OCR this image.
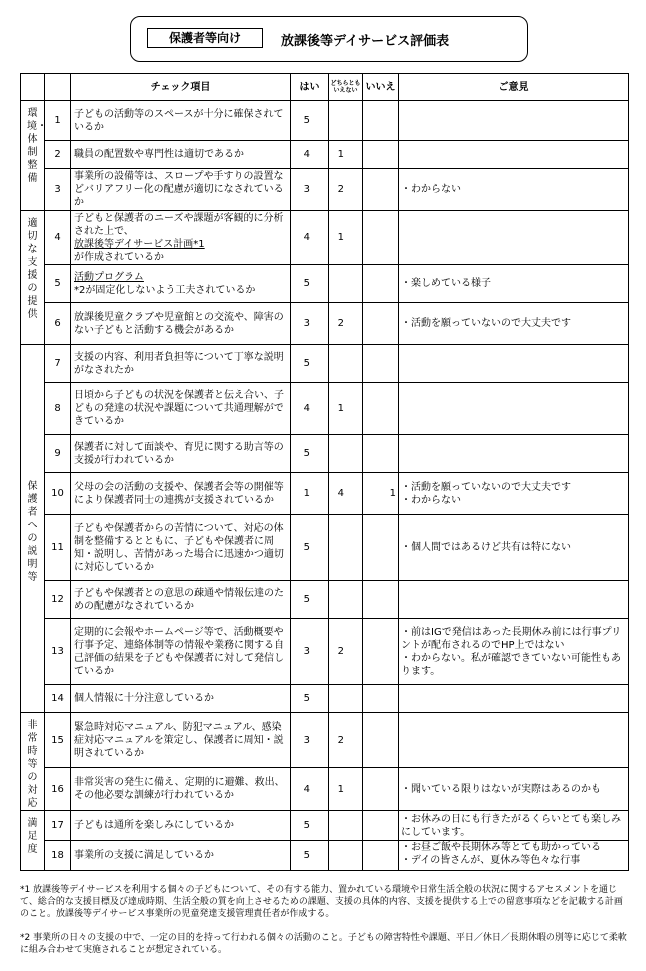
保護者等向け	放課後等デイサービス評価表
		チェック項目	はい	どちらともいえない	いいえ	ご意見

環境・体制整備	1	子どもの活動等のスペースが十分に確保されているか	5			
	2	職員の配置数や専門性は適切であるか	4	1		
	3	事業所の設備等は、スロープや手すりの設置などバリアフリー化の配慮が適切になされているか	3	2		・わからない

適切な支援の提供	4	子どもと保護者のニーズや課題が客観的に分析された上で、
放課後等デイサービス計画*1
が作成されているか	4	1		
	5	活動プログラム
*2が固定化しないよう工夫されているか	5			・楽しめている様子
	6	放課後児童クラブや児童館との交流や、障害のない子どもと活動する機会があるか	3	2		・活動を願っていないので大丈夫です

保護者への説明等	7	支援の内容、利用者負担等について丁寧な説明がなされたか	5			
	8	日頃から子どもの状況を保護者と伝え合い、子どもの発達の状況や課題について共通理解ができているか	4	1		
	9	保護者に対して面談や、育児に関する助言等の支援が行われているか	5			
	10	父母の会の活動の支援や、保護者会等の開催等により保護者同士の連携が支援されているか	1	4	1	・活動を願っていないので大丈夫です
・わからない
	11	子どもや保護者からの苦情について、対応の体制を整備するとともに、子どもや保護者に周知・説明し、苦情があった場合に迅速かつ適切に対応しているか	5			・個人間ではあるけど共有は特にない
	12	子どもや保護者との意思の疎通や情報伝達のための配慮がなされているか	5			
	13	定期的に会報やホームページ等で、活動概要や行事予定、連絡体制等の情報や業務に関する自己評価の結果を子どもや保護者に対して発信しているか	3	2		・前はIGで発信はあった長期休み前には行事プリントが配布されるのでHP上ではない
・わからない。私が確認できていない可能性もあります。
	14	個人情報に十分注意しているか	5			

非常時等の対応	15	緊急時対応マニュアル、防犯マニュアル、感染症対応マニュアルを策定し、保護者に周知・説明されているか	3	2		
	16	非常災害の発生に備え、定期的に避難、救出、その他必要な訓練が行われているか	4	1		・聞いている限りはないが実際はあるのかも

満足度	17	子どもは通所を楽しみにしているか	5			・お休みの日にも行きたがるくらいとても楽しみにしています。
	18	事業所の支援に満足しているか	5			・お昼ご飯や長期休み等とても助かっている
・デイの皆さんが、夏休み等色々な行事
*1 放課後等デイサービスを利用する個々の子どもについて、その有する能力、置かれている環境や日常生活全般の状況に関するアセスメントを通じて、総合的な支援目標及び達成時期、生活全般の質を向上させるための課題、支援の具体的内容、支援を提供する上での留意事項などを記載する計画のこと。放課後等デイサービス事業所の児童発達支援管理責任者が作成する。
*2 事業所の日々の支援の中で、一定の目的を持って行われる個々の活動のこと。子どもの障害特性や課題、平日／休日／長期休暇の別等に応じて柔軟に組み合わせて実施されることが想定されている。
